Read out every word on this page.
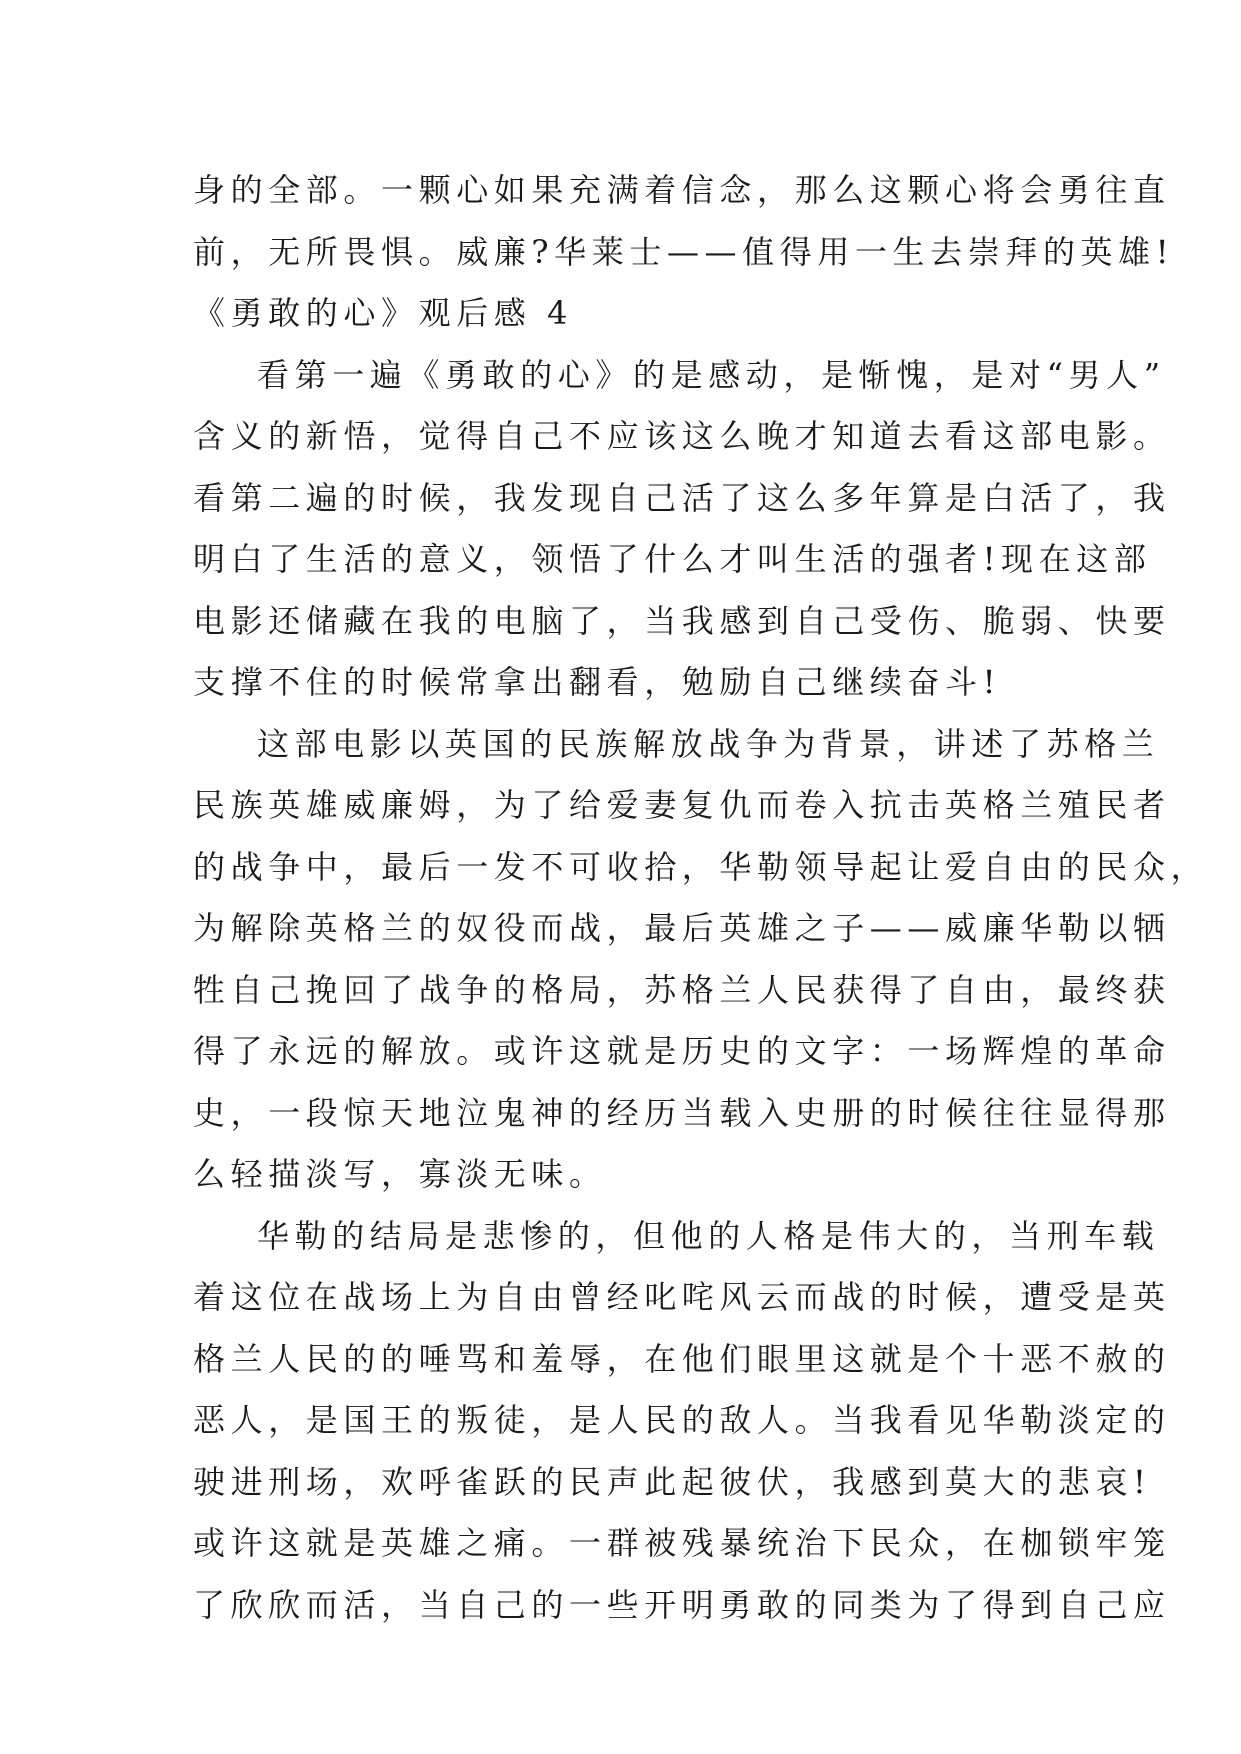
身的全部。一颗心如果充满着信念，那么这颗心将会勇往直
前，无所畏惧。威廉?华莱士——值得用一生去崇拜的英雄!
《勇敢的心》观后感 4
看第一遍《勇敢的心》的是感动，是惭愧，是对“男人”
含义的新悟，觉得自己不应该这么晚才知道去看这部电影。
看第二遍的时候，我发现自己活了这么多年算是白活了，我
明白了生活的意义，领悟了什么才叫生活的强者!现在这部
电影还储藏在我的电脑了，当我感到自己受伤、脆弱、快要
支撑不住的时候常拿出翻看，勉励自己继续奋斗!
这部电影以英国的民族解放战争为背景，讲述了苏格兰
民族英雄威廉姆，为了给爱妻复仇而卷入抗击英格兰殖民者
的战争中，最后一发不可收拾，华勒领导起让爱自由的民众，
为解除英格兰的奴役而战，最后英雄之子——威廉华勒以牺
牲自己挽回了战争的格局，苏格兰人民获得了自由，最终获
得了永远的解放。或许这就是历史的文字：一场辉煌的革命
史，一段惊天地泣鬼神的经历当载入史册的时候往往显得那
么轻描淡写，寡淡无味。
华勒的结局是悲惨的，但他的人格是伟大的，当刑车载
着这位在战场上为自由曾经叱咤风云而战的时候，遭受是英
格兰人民的的唾骂和羞辱，在他们眼里这就是个十恶不赦的
恶人，是国王的叛徒，是人民的敌人。当我看见华勒淡定的
驶进刑场，欢呼雀跃的民声此起彼伏，我感到莫大的悲哀!
或许这就是英雄之痛。一群被残暴统治下民众，在枷锁牢笼
了欣欣而活，当自己的一些开明勇敢的同类为了得到自己应
